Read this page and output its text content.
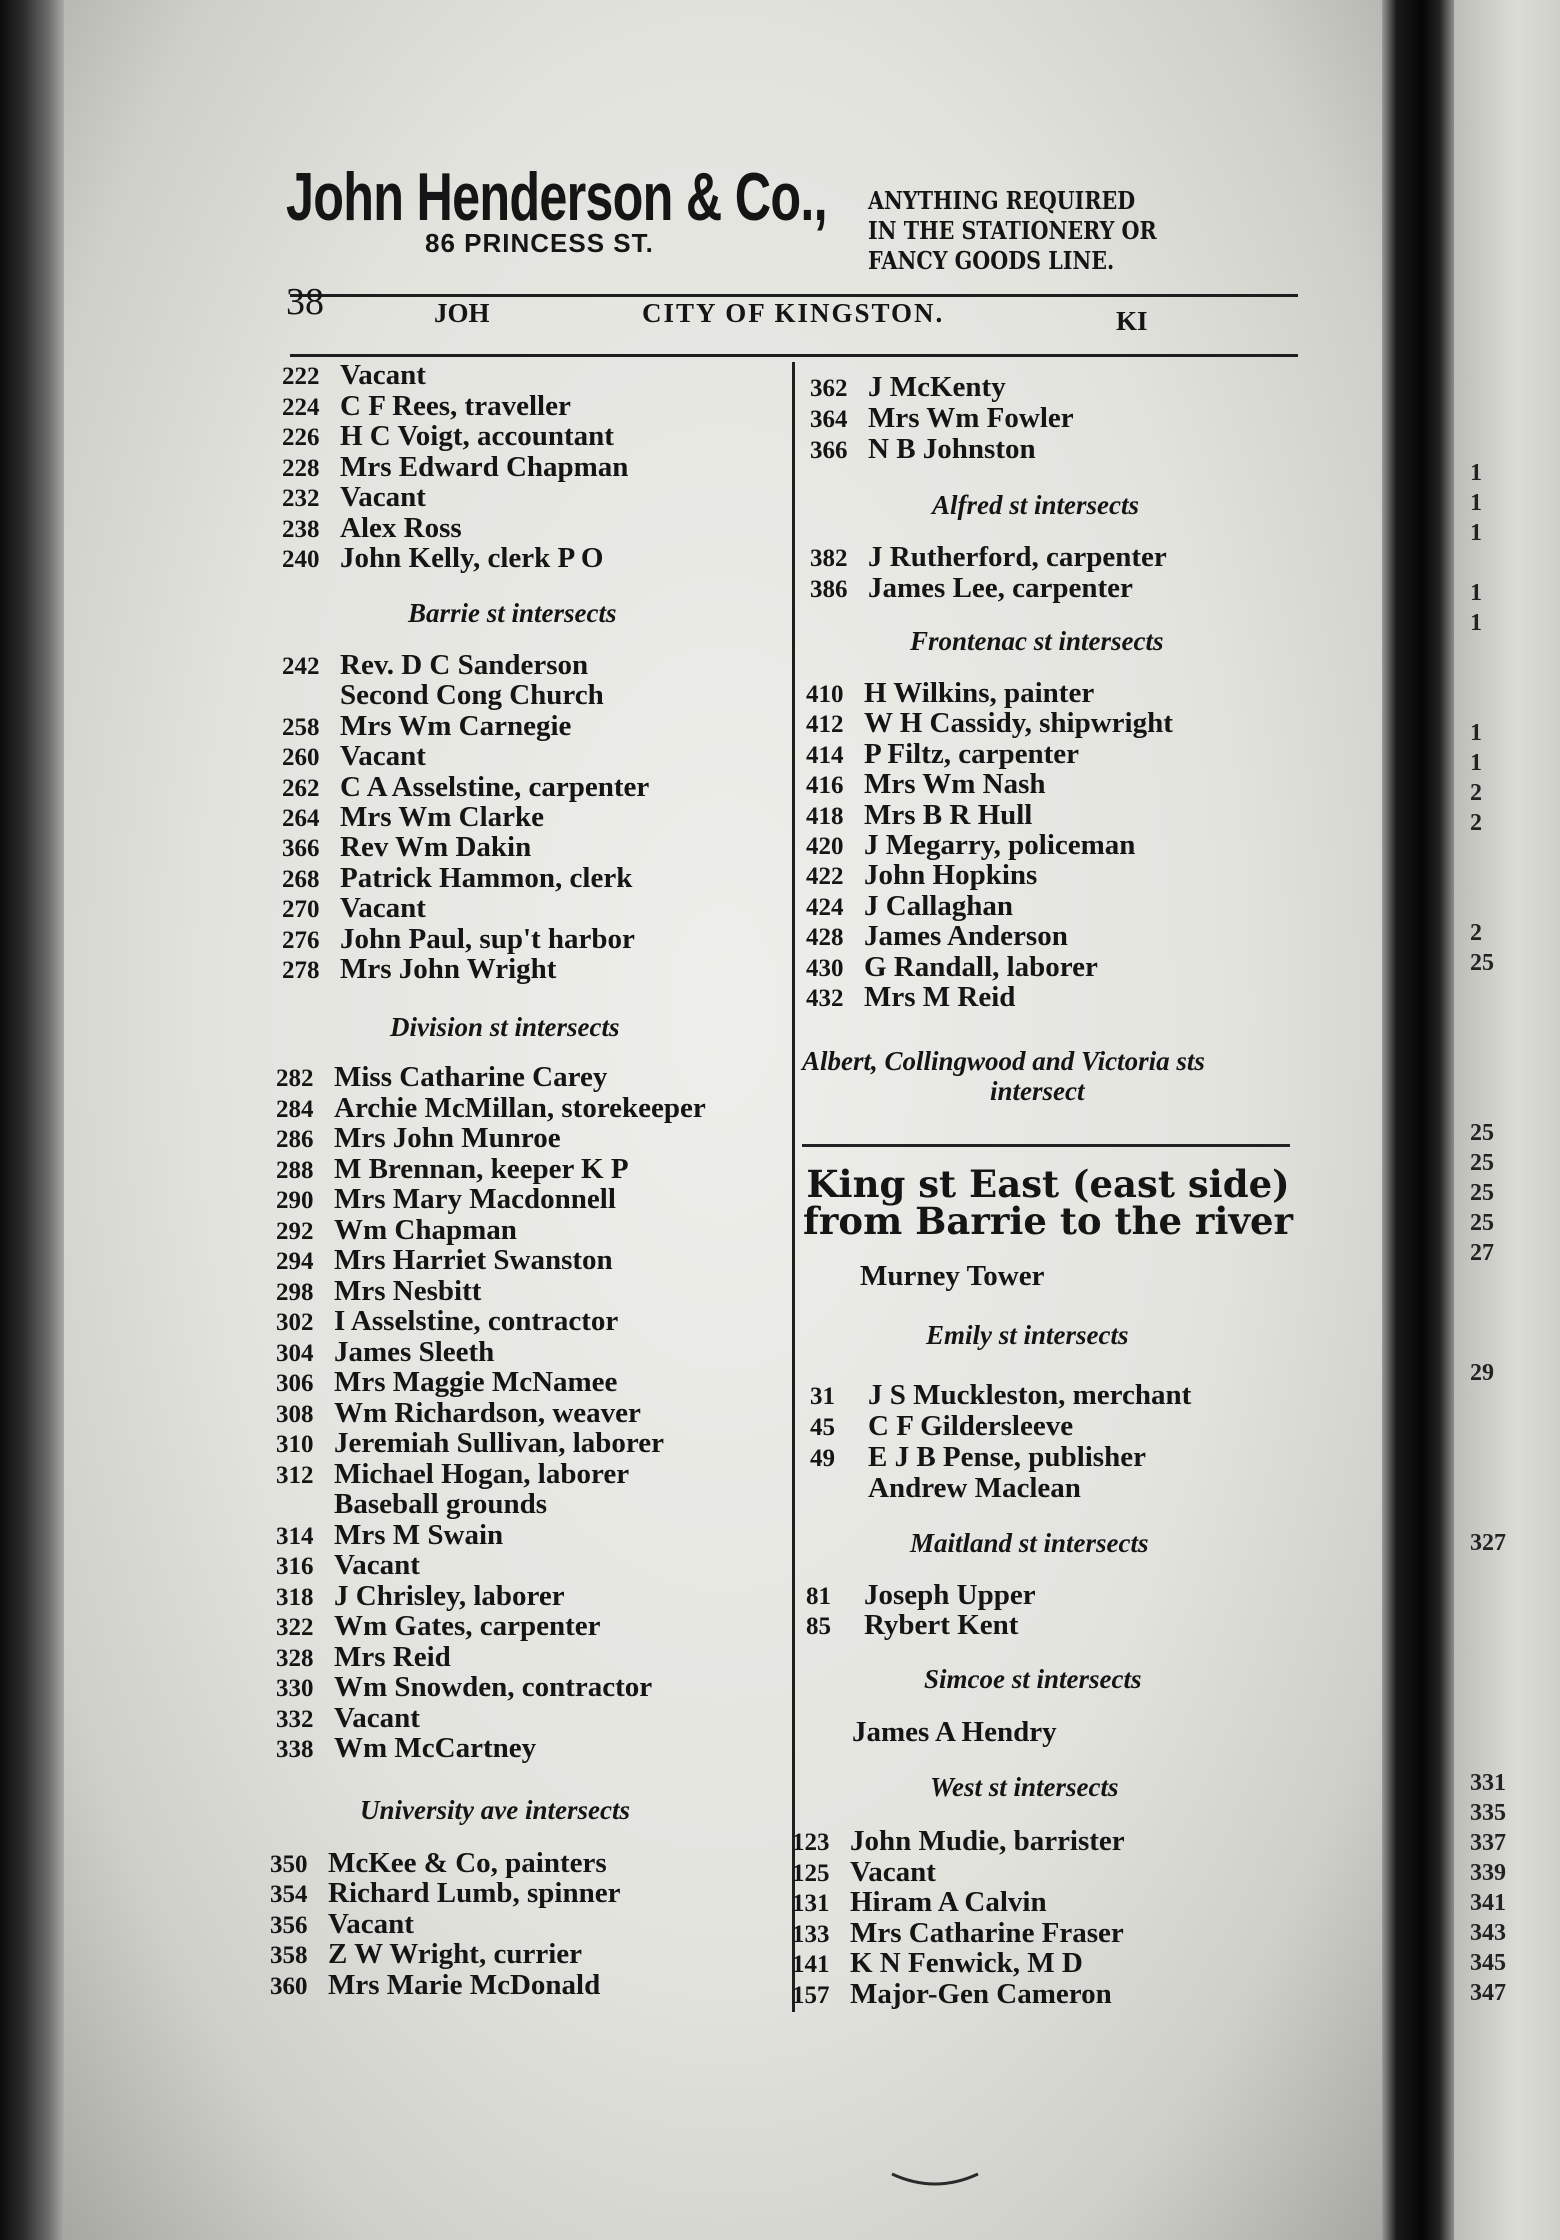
1
1
1
1
1
1
1
2
2
2
25
25
25
25
25
27
29
327
331
335
337
339
341
343
345
347
John Henderson & Co.,
86 PRINCESS ST.
ANYTHING REQUIRED
IN THE STATIONERY OR
FANCY GOODS LINE.
38	JOH	CITY OF KINGSTON.	KI
Barrie st intersects
Division st intersects
University ave intersects
Alfred st intersects
Frontenac st intersects
Albert, Collingwood and Victoria sts
intersect
King st East (east side)
from Barrie to the river
Murney Tower
Emily st intersects
Maitland st intersects
Simcoe st intersects
James A Hendry
West st intersects
222 Vacant
224 C F Rees, traveller
226 H C Voigt, accountant
228 Mrs Edward Chapman
232 Vacant
238 Alex Ross
240 John Kelly, clerk P O
242 Rev. D C Sanderson
Second Cong Church
258 Mrs Wm Carnegie
260 Vacant
262 C A Asselstine, carpenter
264 Mrs Wm Clarke
366 Rev Wm Dakin
268 Patrick Hammon, clerk
270 Vacant
276 John Paul, sup't harbor
278 Mrs John Wright
282 Miss Catharine Carey
284 Archie McMillan, storekeeper
286 Mrs John Munroe
288 M Brennan, keeper K P
290 Mrs Mary Macdonnell
292 Wm Chapman
294 Mrs Harriet Swanston
298 Mrs Nesbitt
302 I Asselstine, contractor
304 James Sleeth
306 Mrs Maggie McNamee
308 Wm Richardson, weaver
310 Jeremiah Sullivan, laborer
312 Michael Hogan, laborer
Baseball grounds
314 Mrs M Swain
316 Vacant
318 J Chrisley, laborer
322 Wm Gates, carpenter
328 Mrs Reid
330 Wm Snowden, contractor
332 Vacant
338 Wm McCartney
350 McKee & Co, painters
354 Richard Lumb, spinner
356 Vacant
358 Z W Wright, currier
360 Mrs Marie McDonald
362 J McKenty
364 Mrs Wm Fowler
366 N B Johnston
382 J Rutherford, carpenter
386 James Lee, carpenter
410 H Wilkins, painter
412 W H Cassidy, shipwright
414 P Filtz, carpenter
416 Mrs Wm Nash
418 Mrs B R Hull
420 J Megarry, policeman
422 John Hopkins
424 J Callaghan
428 James Anderson
430 G Randall, laborer
432 Mrs M Reid
31 J S Muckleston, merchant
45 C F Gildersleeve
49 E J B Pense, publisher
Andrew Maclean
81 Joseph Upper
85 Rybert Kent
123 John Mudie, barrister
125 Vacant
131 Hiram A Calvin
133 Mrs Catharine Fraser
141 K N Fenwick, M D
157 Major-Gen Cameron
